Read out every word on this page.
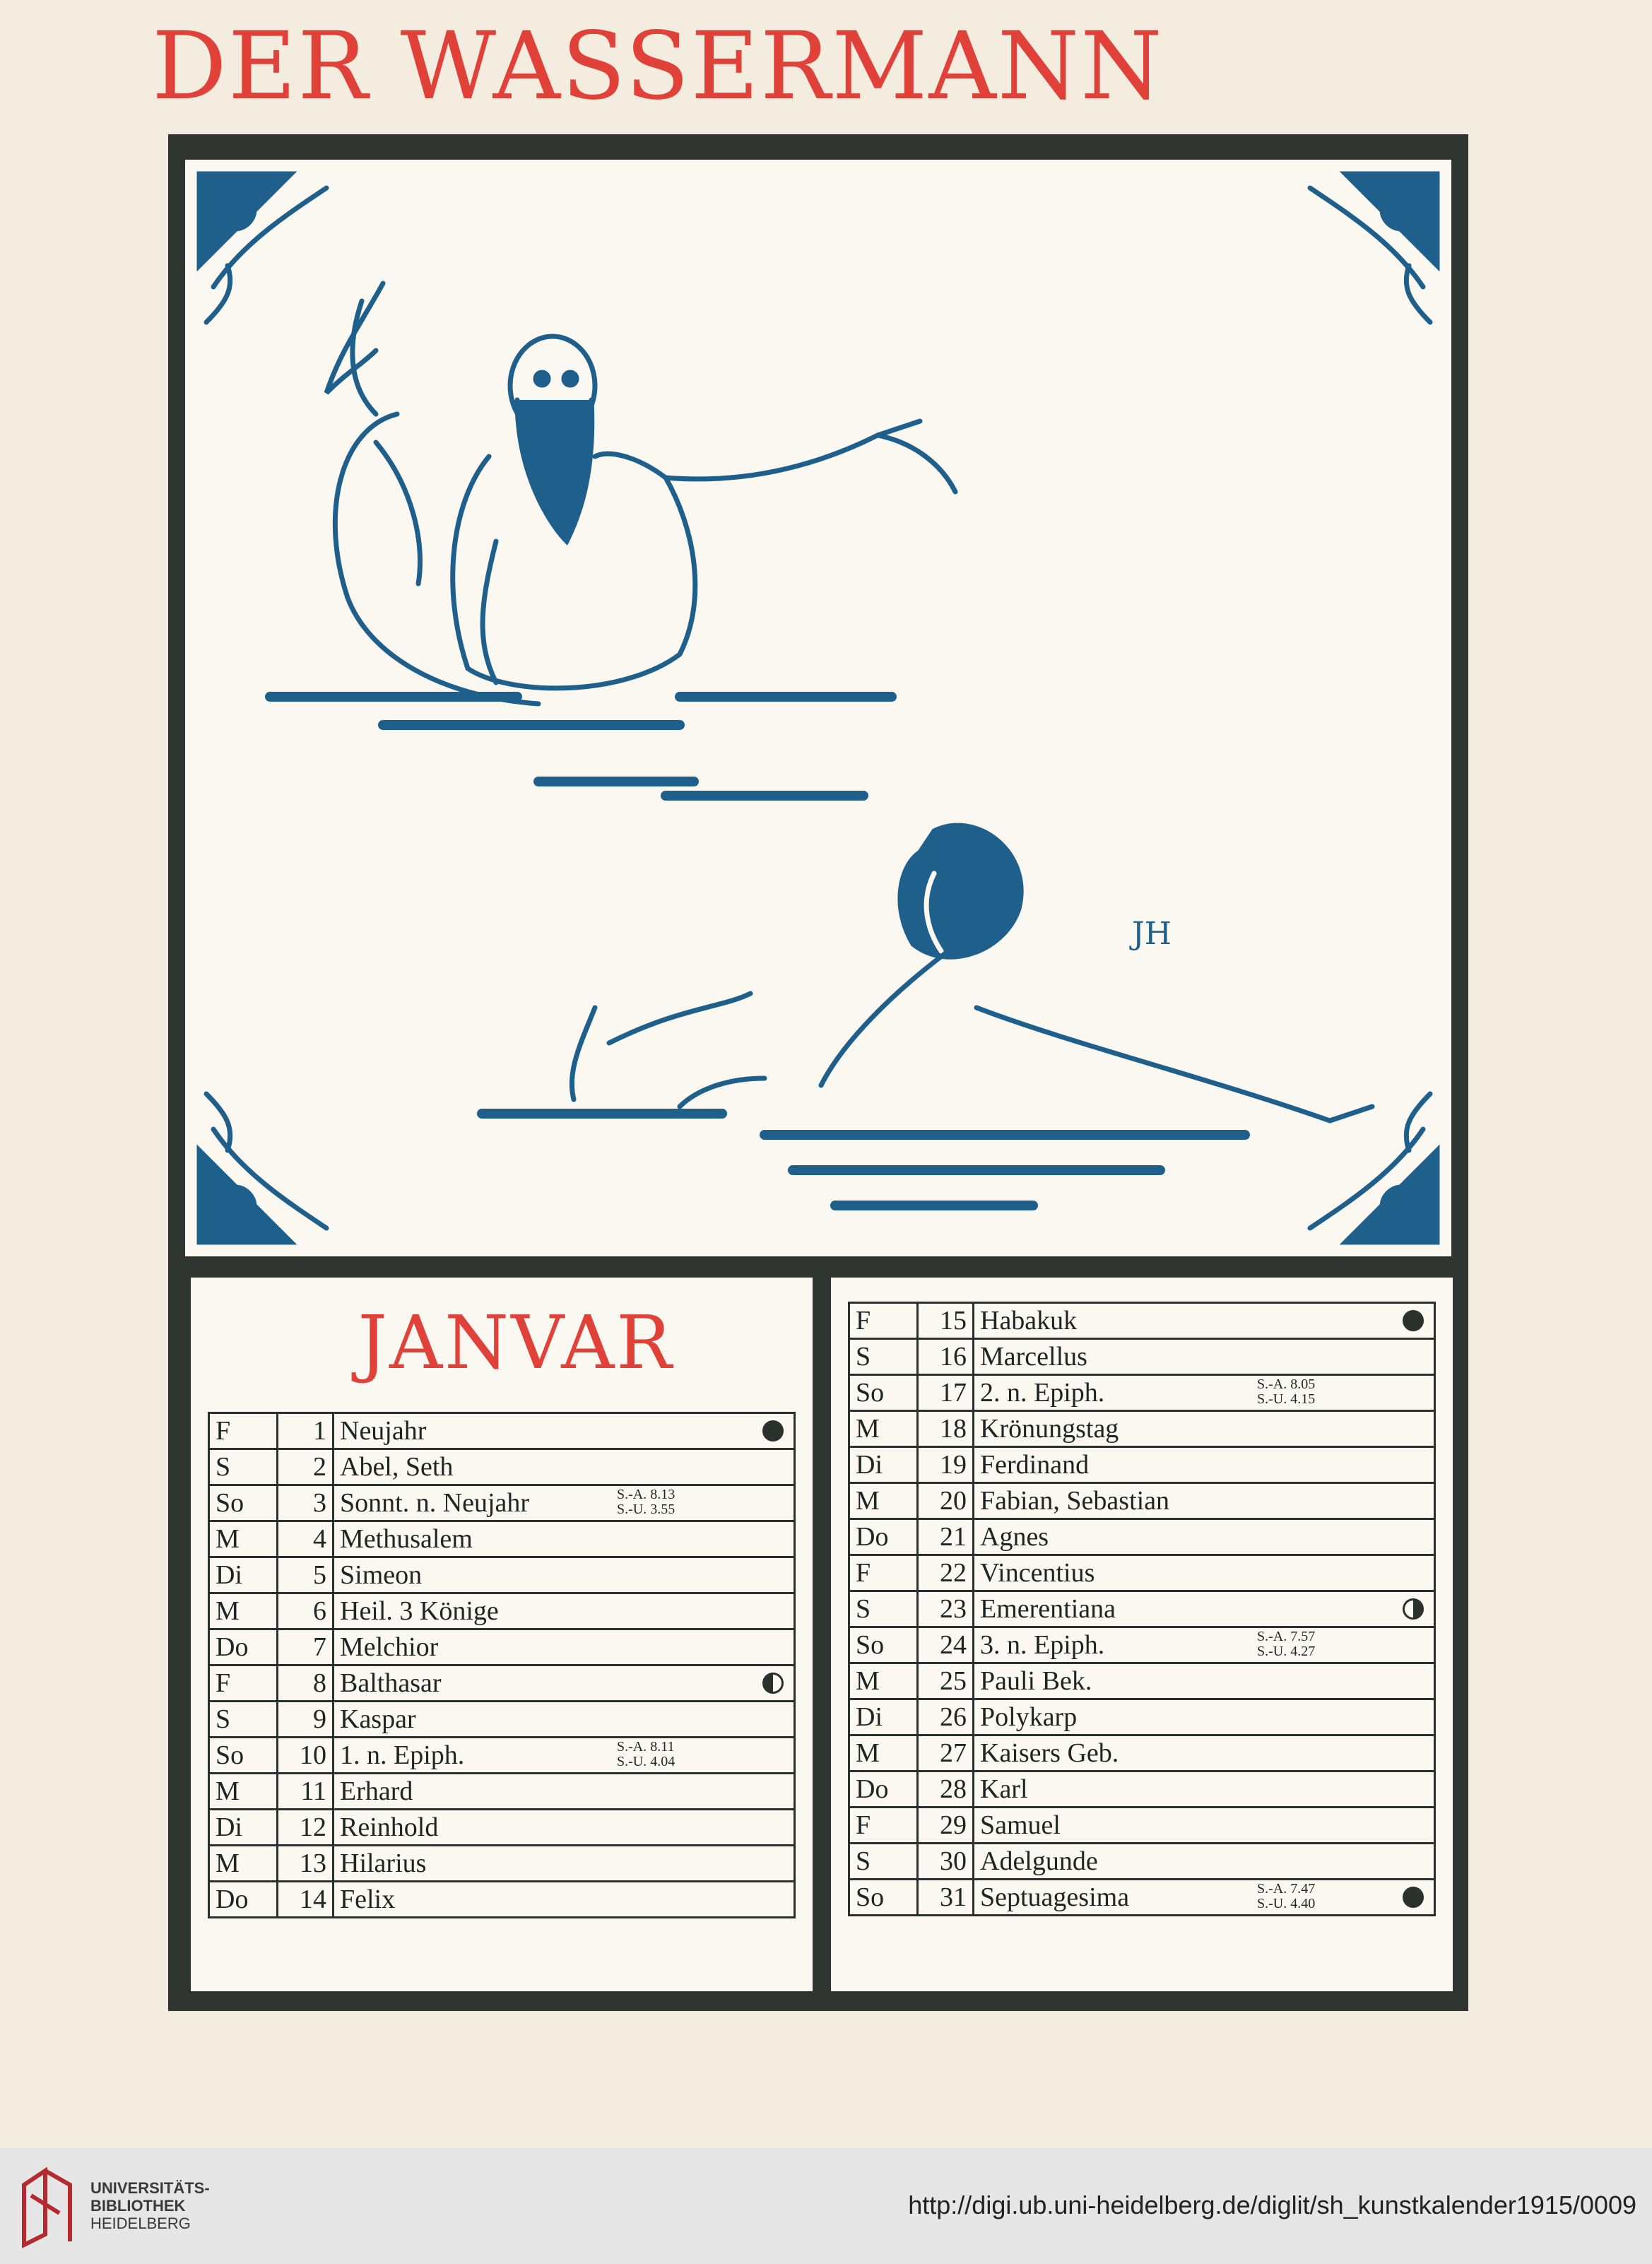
DER WASSERMANN
JH
JANVAR
F	1	Neujahr

S	2	Abel, Seth
So	3	Sonnt. n. Neujahr S.-A. 8.13
S.-U. 3.55

M	4	Methusalem
Di	5	Simeon
M	6	Heil. 3 Könige
Do	7	Melchior
F	8	Balthasar

S	9	Kaspar
So	10	1. n. Epiph. S.-A. 8.11
S.-U. 4.04

M	11	Erhard
Di	12	Reinhold
M	13	Hilarius
Do	14	Felix
F	15	Habakuk

S	16	Marcellus
So	17	2. n. Epiph. S.-A. 8.05
S.-U. 4.15

M	18	Krönungstag
Di	19	Ferdinand
M	20	Fabian, Sebastian
Do	21	Agnes
F	22	Vincentius
S	23	Emerentiana

So	24	3. n. Epiph. S.-A. 7.57
S.-U. 4.27

M	25	Pauli Bek.
Di	26	Polykarp
M	27	Kaisers Geb.
Do	28	Karl
F	29	Samuel
S	30	Adelgunde
So	31	Septuagesima S.-A. 7.47
S.-U. 4.40
UNIVERSITÄTS-
BIBLIOTHEK
HEIDELBERG
http://digi.ub.uni-heidelberg.de/diglit/sh_kunstkalender1915/0009
